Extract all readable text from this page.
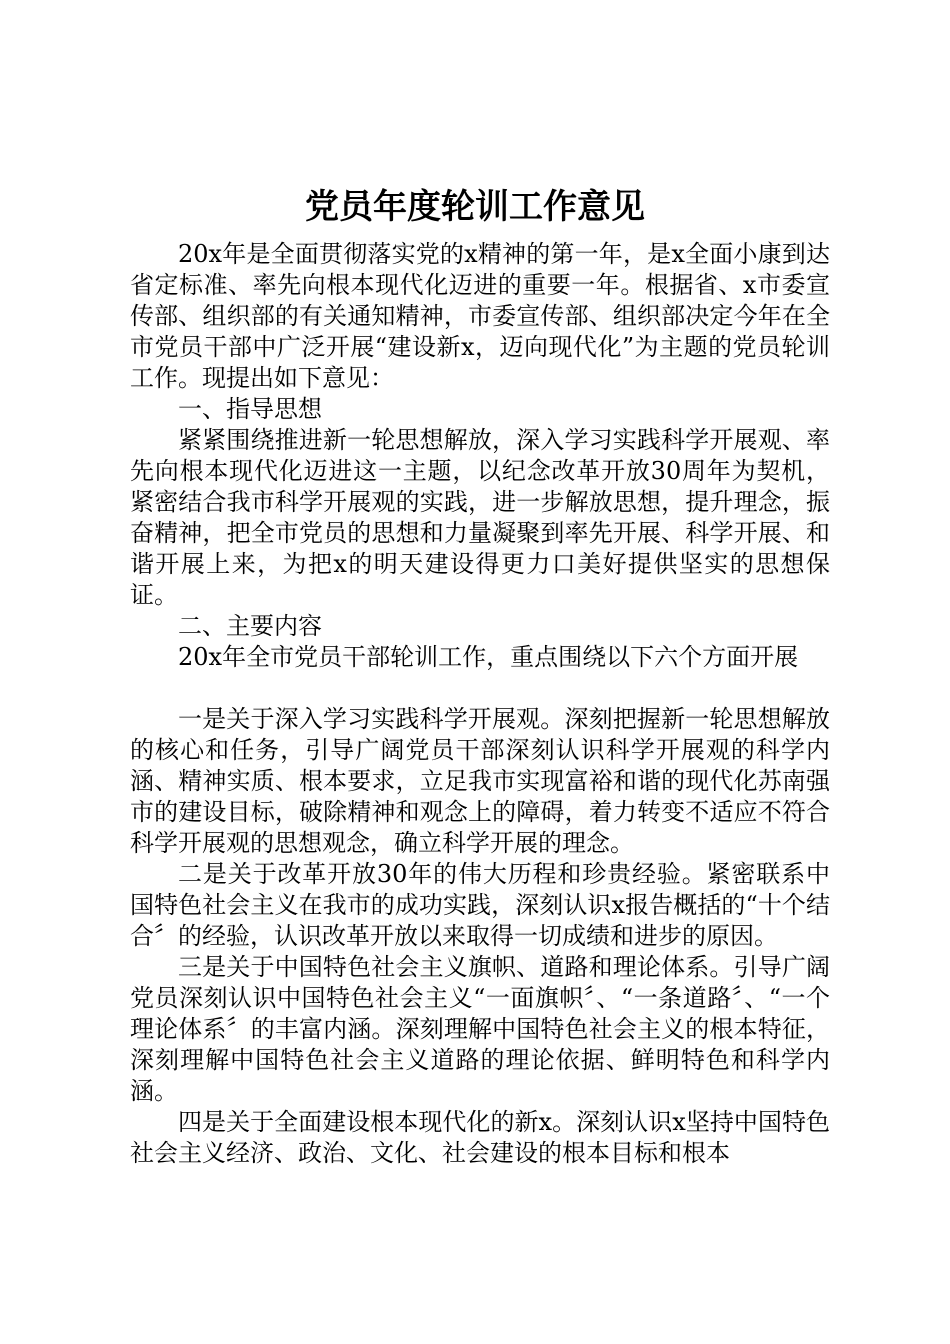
党员年度轮训工作意见

20x年是全面贯彻落实党的x精神的第一年，是x全面小康到达省定标准、率先向根本现代化迈进的重要一年。根据省、x市委宣传部、组织部的有关通知精神，市委宣传部、组织部决定今年在全市党员干部中广泛开展“建设新x，迈向现代化”为主题的党员轮训工作。现提出如下意见：

一、指导思想

紧紧围绕推进新一轮思想解放，深入学习实践科学开展观、率先向根本现代化迈进这一主题，以纪念改革开放30周年为契机，紧密结合我市科学开展观的实践，进一步解放思想，提升理念，振奋精神，把全市党员的思想和力量凝聚到率先开展、科学开展、和谐开展上来，为把x的明天建设得更力口美好提供坚实的思想保证。

二、主要内容

20x年全市党员干部轮训工作，重点围绕以下六个方面开展

一是关于深入学习实践科学开展观。深刻把握新一轮思想解放的核心和任务，引导广阔党员干部深刻认识科学开展观的科学内涵、精神实质、根本要求，立足我市实现富裕和谐的现代化苏南强市的建设目标，破除精神和观念上的障碍，着力转变不适应不符合科学开展观的思想观念，确立科学开展的理念。

二是关于改革开放30年的伟大历程和珍贵经验。紧密联系中国特色社会主义在我市的成功实践，深刻认识x报告概括的“十个结合〞的经验，认识改革开放以来取得一切成绩和进步的原因。

三是关于中国特色社会主义旗帜、道路和理论体系。引导广阔党员深刻认识中国特色社会主义“一面旗帜〞、“一条道路〞、“一个理论体系〞的丰富内涵。深刻理解中国特色社会主义的根本特征，深刻理解中国特色社会主义道路的理论依据、鲜明特色和科学内涵。

四是关于全面建设根本现代化的新x。深刻认识x坚持中国特色社会主义经济、政治、文化、社会建设的根本目标和根本
